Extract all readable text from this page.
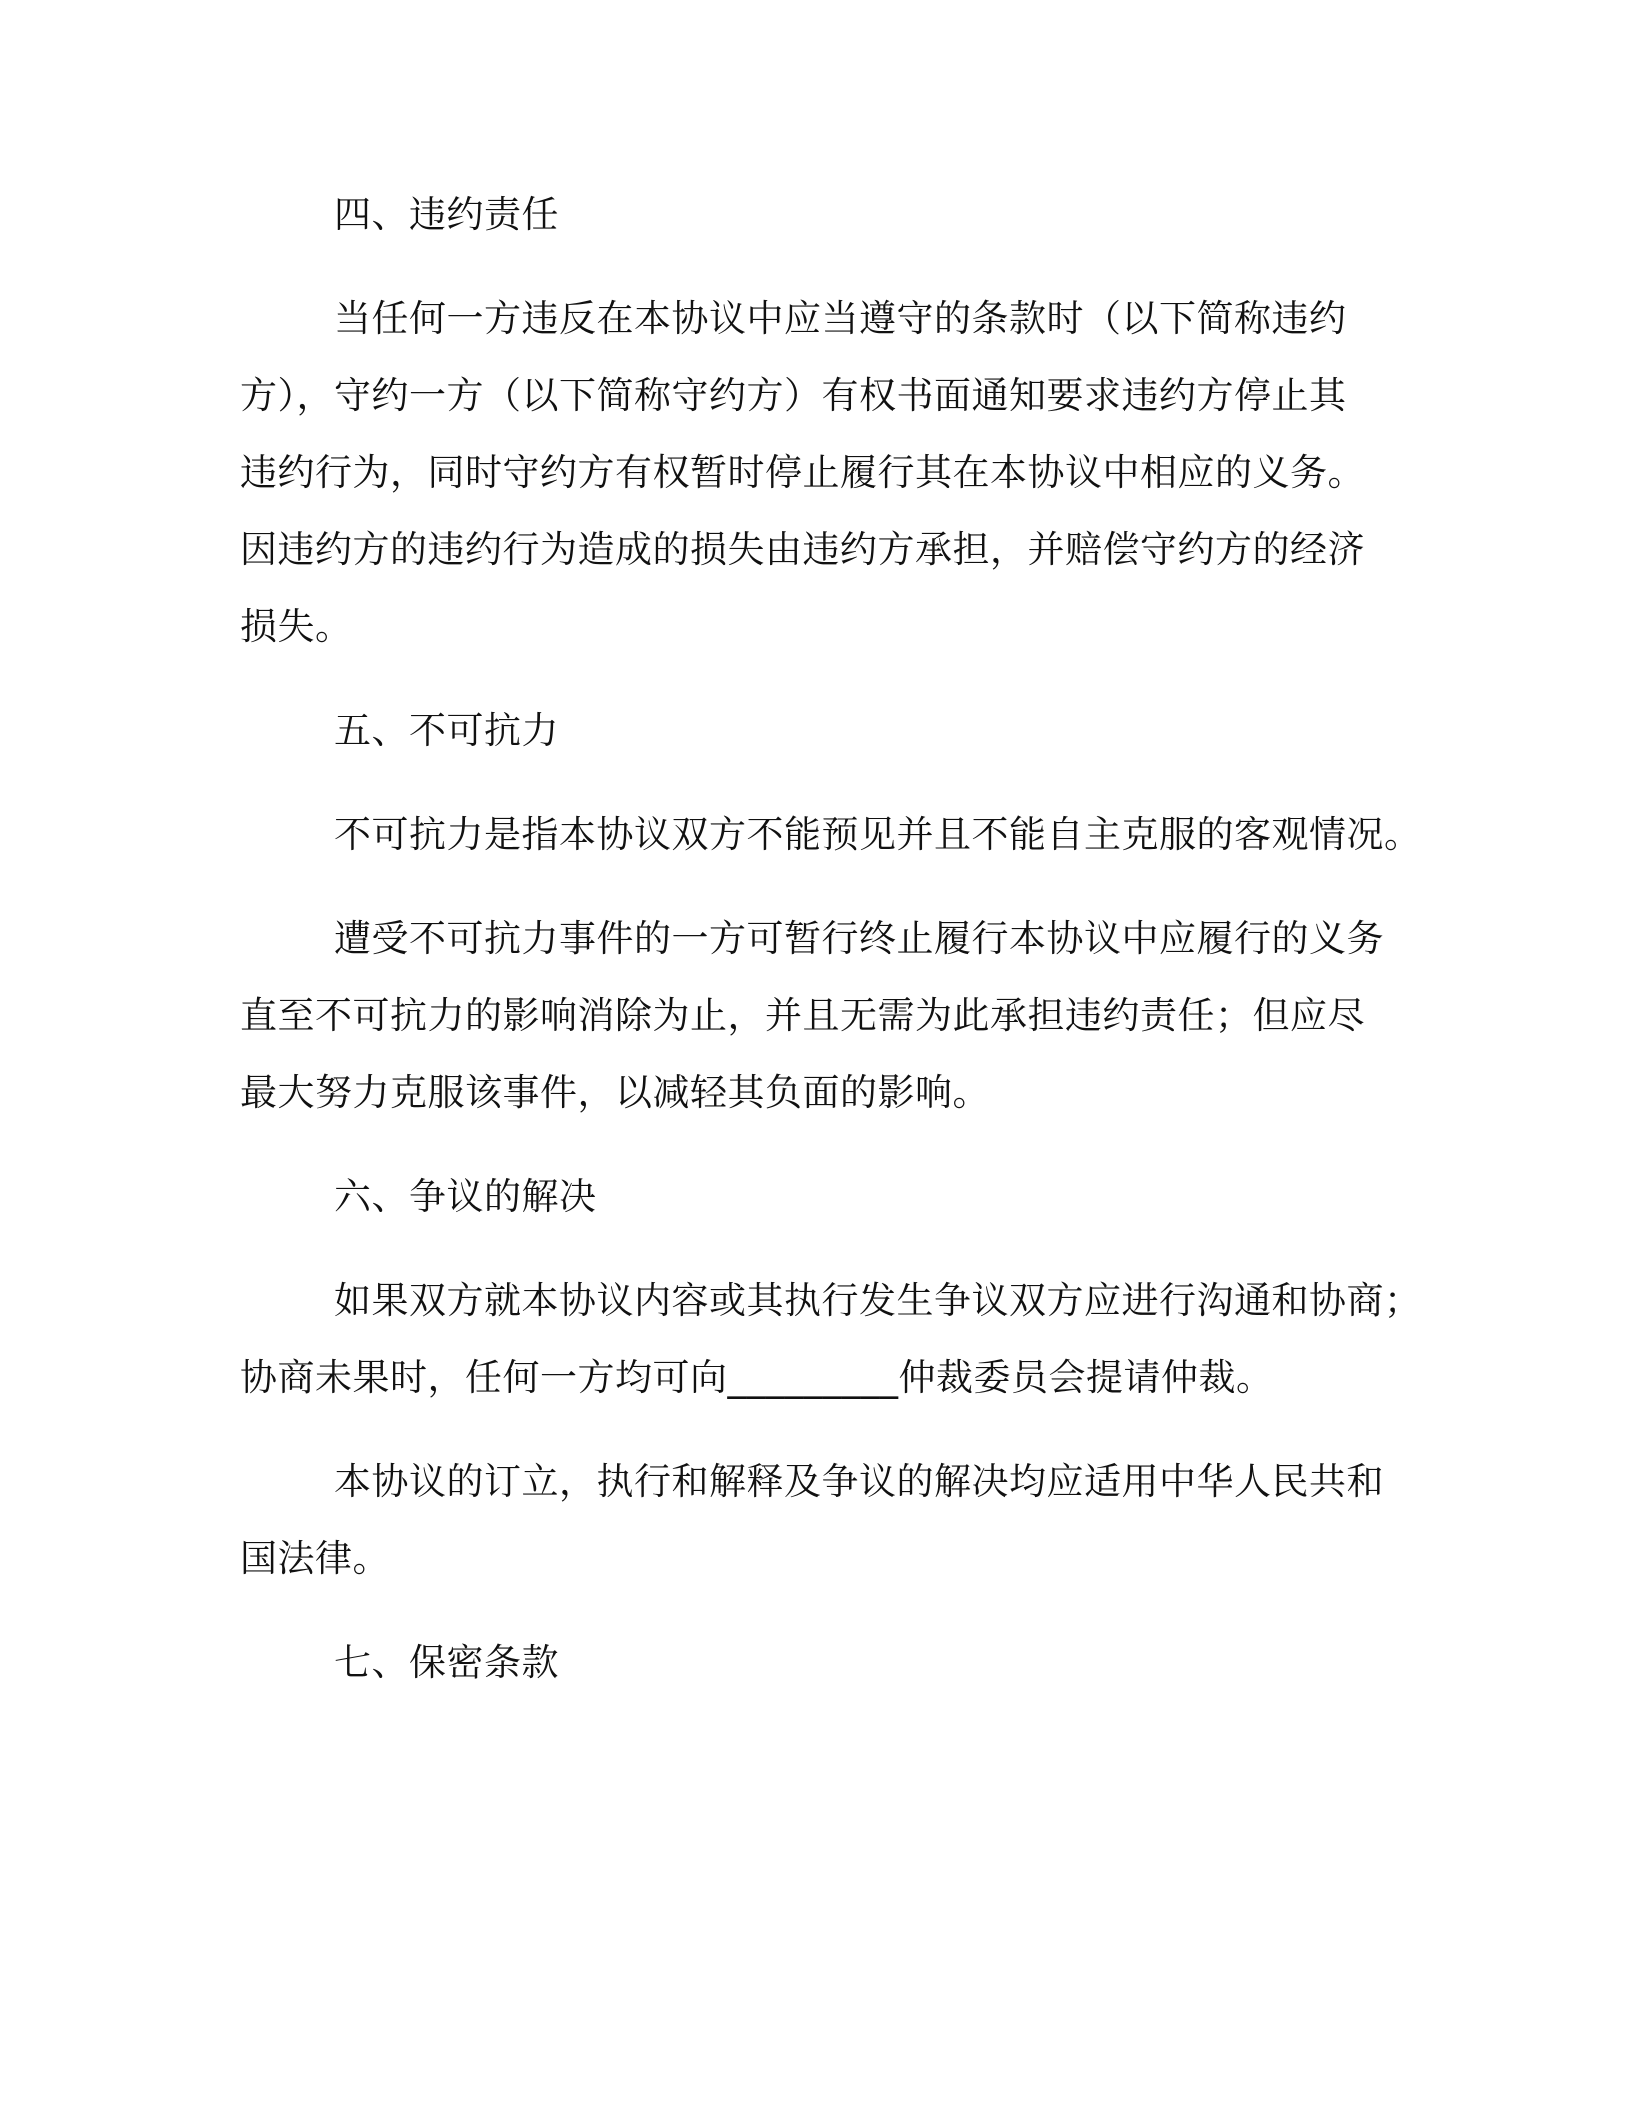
四、违约责任
当任何一方违反在本协议中应当遵守的条款时（以下简称违约
方），守约一方（以下简称守约方）有权书面通知要求违约方停止其
违约行为，同时守约方有权暂时停止履行其在本协议中相应的义务。
因违约方的违约行为造成的损失由违约方承担，并赔偿守约方的经济
损失。
五、不可抗力
不可抗力是指本协议双方不能预见并且不能自主克服的客观情况。
遭受不可抗力事件的一方可暂行终止履行本协议中应履行的义务
直至不可抗力的影响消除为止，并且无需为此承担违约责任；但应尽
最大努力克服该事件，以减轻其负面的影响。
六、争议的解决
如果双方就本协议内容或其执行发生争议双方应进行沟通和协商；
协商未果时，任何一方均可向_________仲裁委员会提请仲裁。
本协议的订立，执行和解释及争议的解决均应适用中华人民共和
国法律。
七、保密条款
